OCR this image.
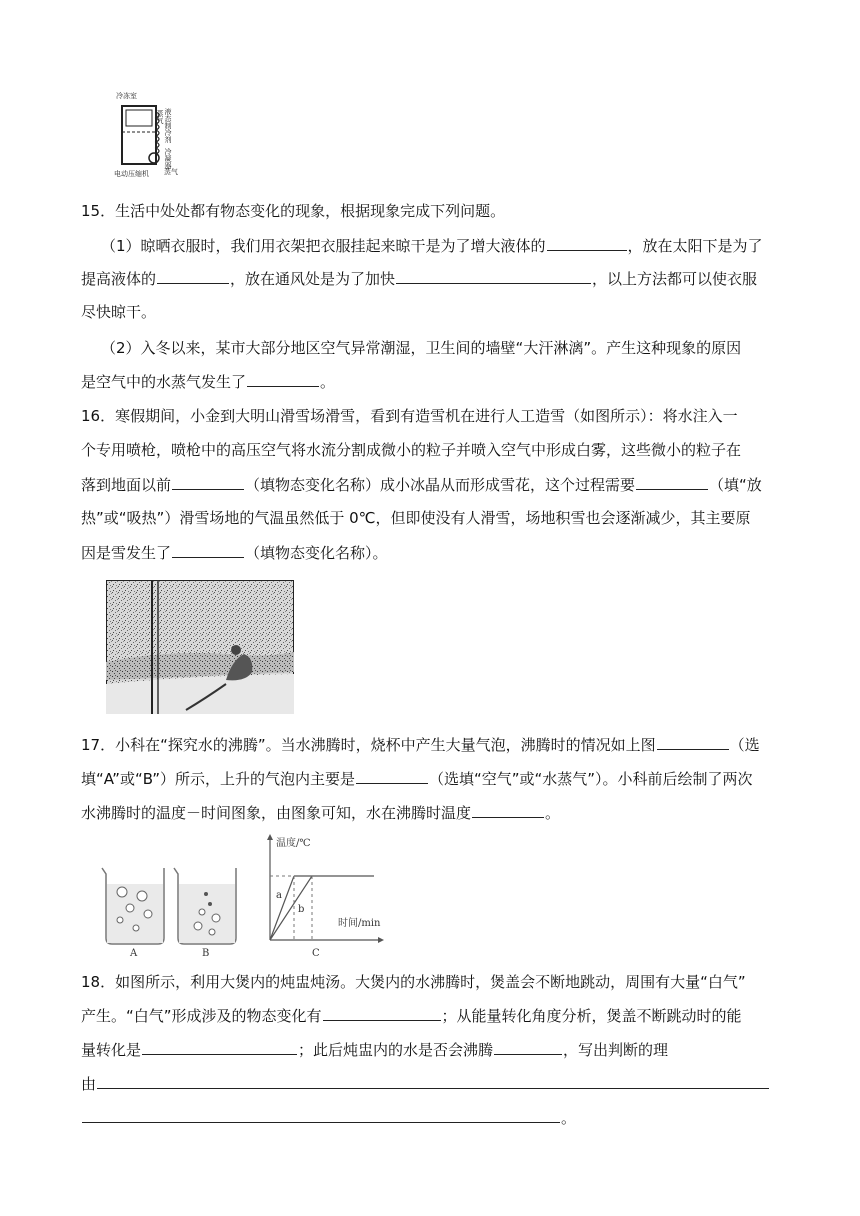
冷冻室
液态制冷剂
蒸气
冷凝器
电动压缩机 蒸气
15．生活中处处都有物态变化的现象，根据现象完成下列问题。
（1）晾晒衣服时，我们用衣架把衣服挂起来晾干是为了增大液体的	，放在太阳下是为了
提高液体的	，放在通风处是为了加快	，以上方法都可以使衣服
尽快晾干。
（2）入冬以来，某市大部分地区空气异常潮湿，卫生间的墙壁“大汗淋漓”。产生这种现象的原因
是空气中的水蒸气发生了	。
16．寒假期间，小金到大明山滑雪场滑雪，看到有造雪机在进行人工造雪（如图所示）：将水注入一
个专用喷枪，喷枪中的高压空气将水流分割成微小的粒子并喷入空气中形成白雾，这些微小的粒子在
落到地面以前	（填物态变化名称）成小冰晶从而形成雪花，这个过程需要	（填“放
热”或“吸热”）滑雪场地的气温虽然低于 0℃，但即使没有人滑雪，场地积雪也会逐渐减少，其主要原
因是雪发生了	（填物态变化名称）。
17．小科在“探究水的沸腾”。当水沸腾时，烧杯中产生大量气泡，沸腾时的情况如上图	（选
填“A”或“B”）所示，上升的气泡内主要是	（选填“空气”或“水蒸气”）。小科前后绘制了两次
水沸腾时的温度－时间图象，由图象可知，水在沸腾时温度	。
A	B
温度/℃
时间/min
a
b
C
18．如图所示，利用大煲内的炖盅炖汤。大煲内的水沸腾时，煲盖会不断地跳动，周围有大量“白气”
产生。“白气”形成涉及的物态变化有	；从能量转化角度分析，煲盖不断跳动时的能
量转化是	；此后炖盅内的水是否会沸腾	，写出判断的理
由
。
